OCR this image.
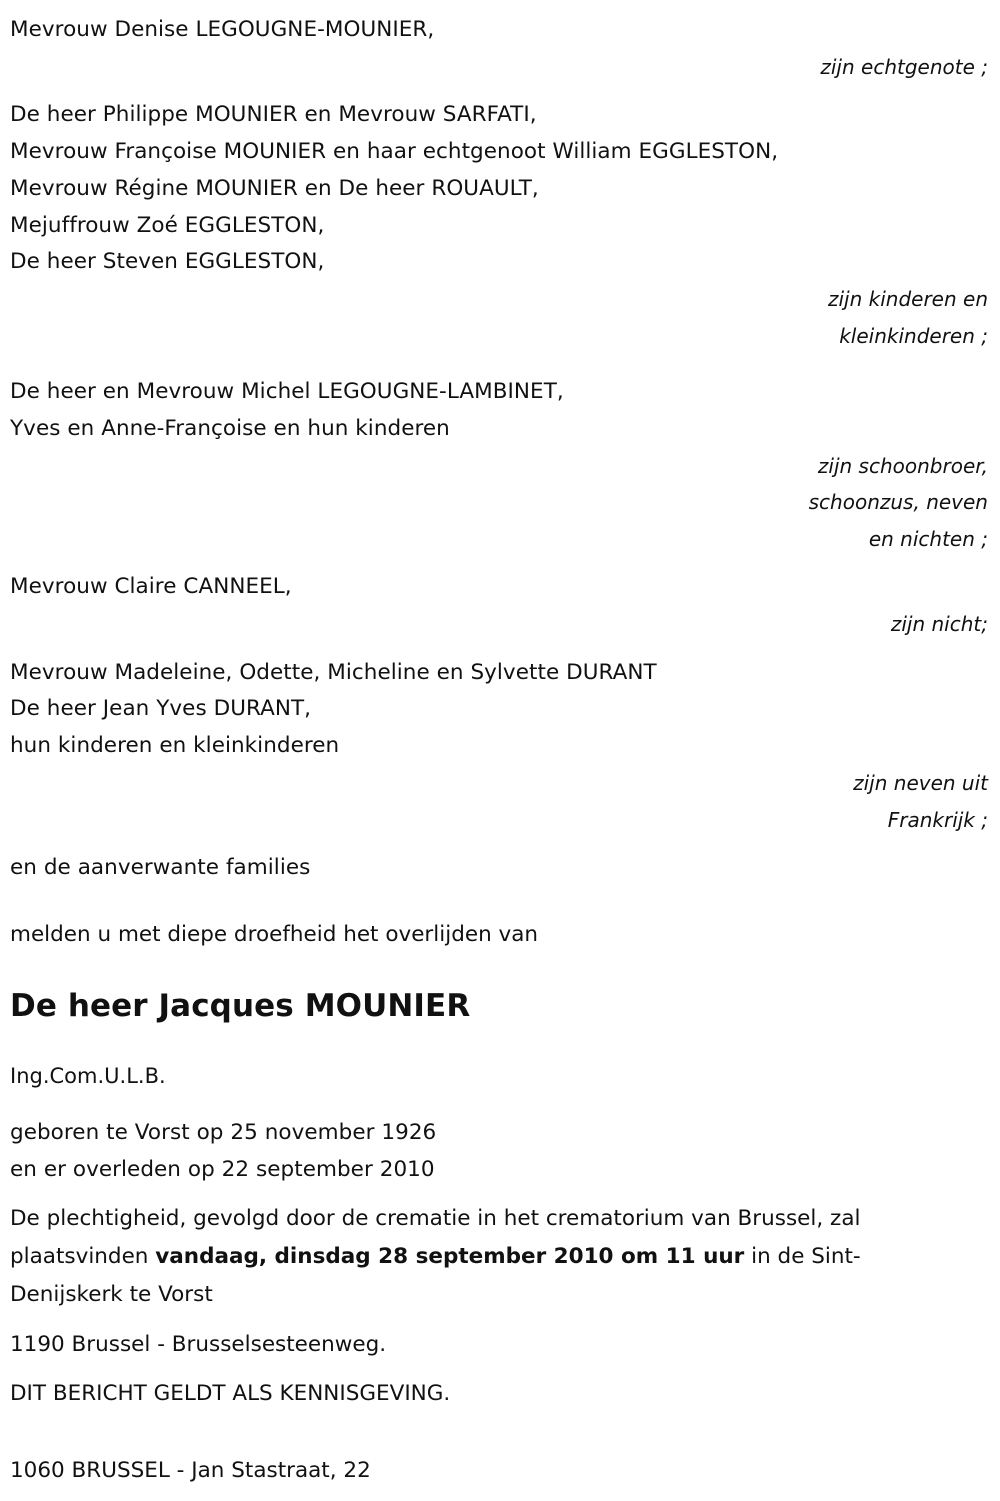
Mevrouw Denise LEGOUGNE-MOUNIER,
zijn echtgenote ;
De heer Philippe MOUNIER en Mevrouw SARFATI,
Mevrouw Françoise MOUNIER en haar echtgenoot William EGGLESTON,
Mevrouw Régine MOUNIER en De heer ROUAULT,
Mejuffrouw Zoé EGGLESTON,
De heer Steven EGGLESTON,
zijn kinderen en
kleinkinderen ;
De heer en Mevrouw Michel LEGOUGNE-LAMBINET,
Yves en Anne-Françoise en hun kinderen
zijn schoonbroer,
schoonzus, neven
en nichten ;
Mevrouw Claire CANNEEL,
zijn nicht;
Mevrouw Madeleine, Odette, Micheline en Sylvette DURANT
De heer Jean Yves DURANT,
hun kinderen en kleinkinderen
zijn neven uit
Frankrijk ;
en de aanverwante families
melden u met diepe droefheid het overlijden van
De heer Jacques MOUNIER
Ing.Com.U.L.B.
geboren te Vorst op 25 november 1926
en er overleden op 22 september 2010
De plechtigheid, gevolgd door de crematie in het crematorium van Brussel, zal plaatsvinden vandaag, dinsdag 28 september 2010 om 11 uur in de Sint-Denijskerk te Vorst
1190 Brussel - Brusselsesteenweg.
DIT BERICHT GELDT ALS KENNISGEVING.
1060 BRUSSEL - Jan Stastraat, 22
